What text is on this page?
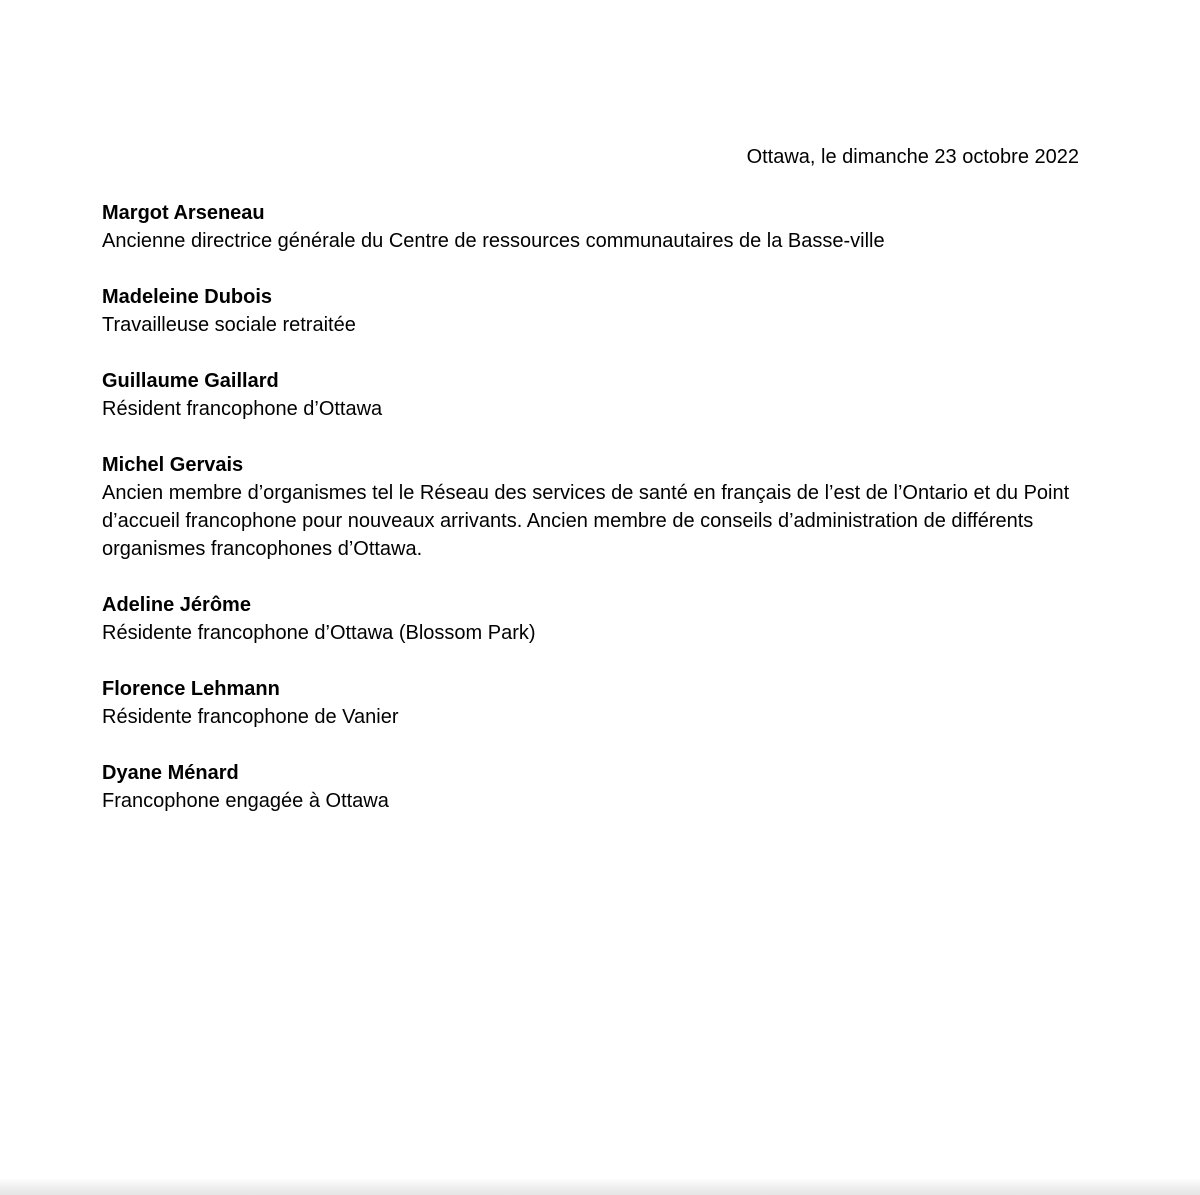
Ottawa, le dimanche 23 octobre 2022
Margot Arseneau
Ancienne directrice générale du Centre de ressources communautaires de la Basse-ville
Madeleine Dubois
Travailleuse sociale retraitée
Guillaume Gaillard
Résident francophone d’Ottawa
Michel Gervais
Ancien membre d’organismes tel le Réseau des services de santé en français de l’est de l’Ontario et du Point d’accueil francophone pour nouveaux arrivants. Ancien membre de conseils d’administration de différents organismes francophones d’Ottawa.
Adeline Jérôme
Résidente francophone d’Ottawa (Blossom Park)
Florence Lehmann
Résidente francophone de Vanier
Dyane Ménard
Francophone engagée à Ottawa
